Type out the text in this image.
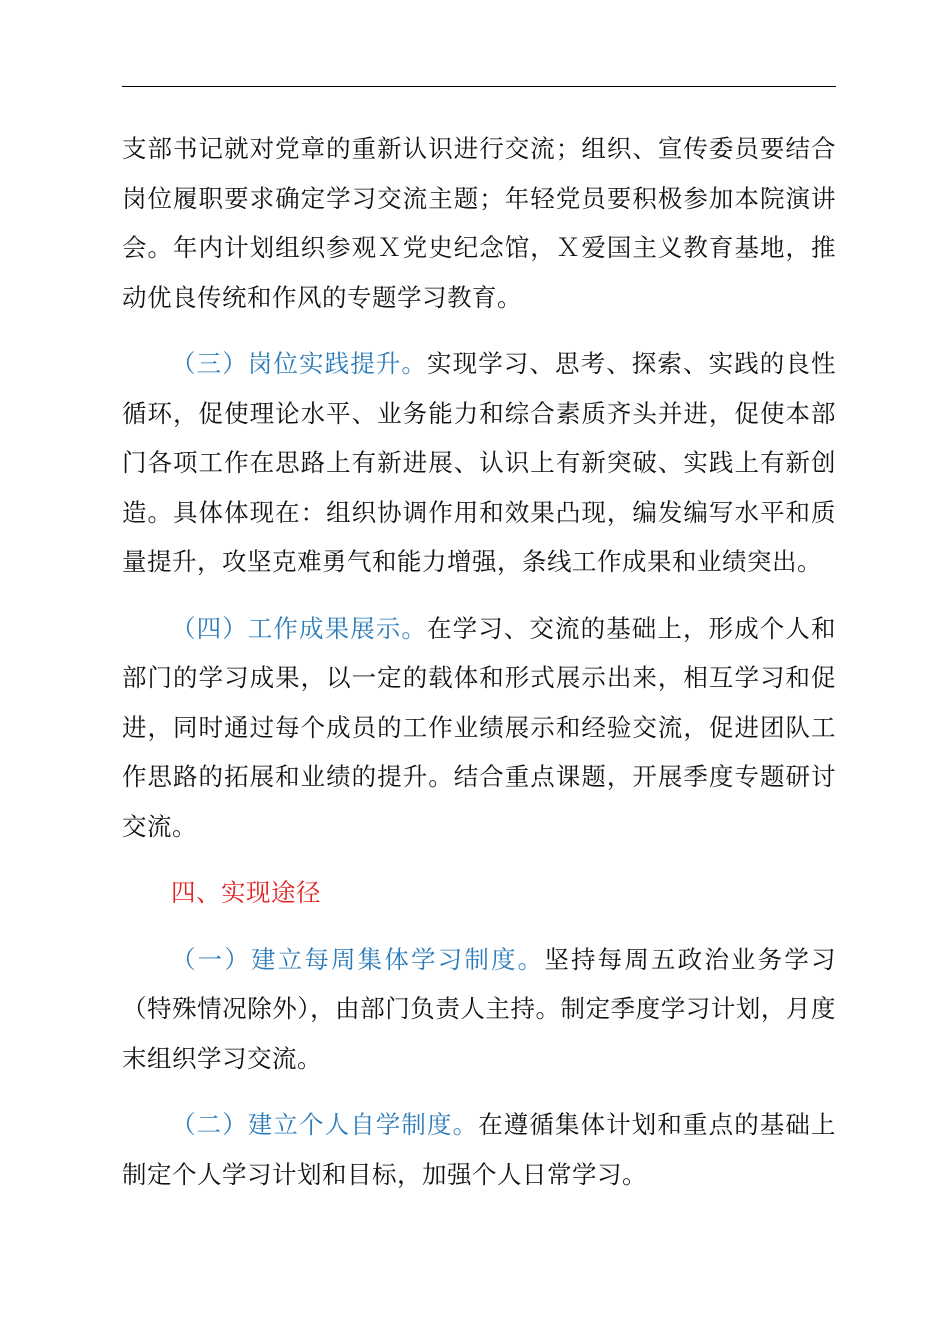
支部书记就对党章的重新认识进行交流；组织、宣传委员要结合岗位履职要求确定学习交流主题；年轻党员要积极参加本院演讲会。年内计划组织参观Ｘ党史纪念馆，Ｘ爱国主义教育基地，推动优良传统和作风的专题学习教育。

（三）岗位实践提升。实现学习、思考、探索、实践的良性循环，促使理论水平、业务能力和综合素质齐头并进，促使本部门各项工作在思路上有新进展、认识上有新突破、实践上有新创造。具体体现在：组织协调作用和效果凸现，编发编写水平和质量提升，攻坚克难勇气和能力增强，条线工作成果和业绩突出。

（四）工作成果展示。在学习、交流的基础上，形成个人和部门的学习成果，以一定的载体和形式展示出来，相互学习和促进，同时通过每个成员的工作业绩展示和经验交流，促进团队工作思路的拓展和业绩的提升。结合重点课题，开展季度专题研讨交流。

四、实现途径

（一）建立每周集体学习制度。坚持每周五政治业务学习（特殊情况除外），由部门负责人主持。制定季度学习计划，月度末组织学习交流。

（二）建立个人自学制度。在遵循集体计划和重点的基础上制定个人学习计划和目标，加强个人日常学习。
